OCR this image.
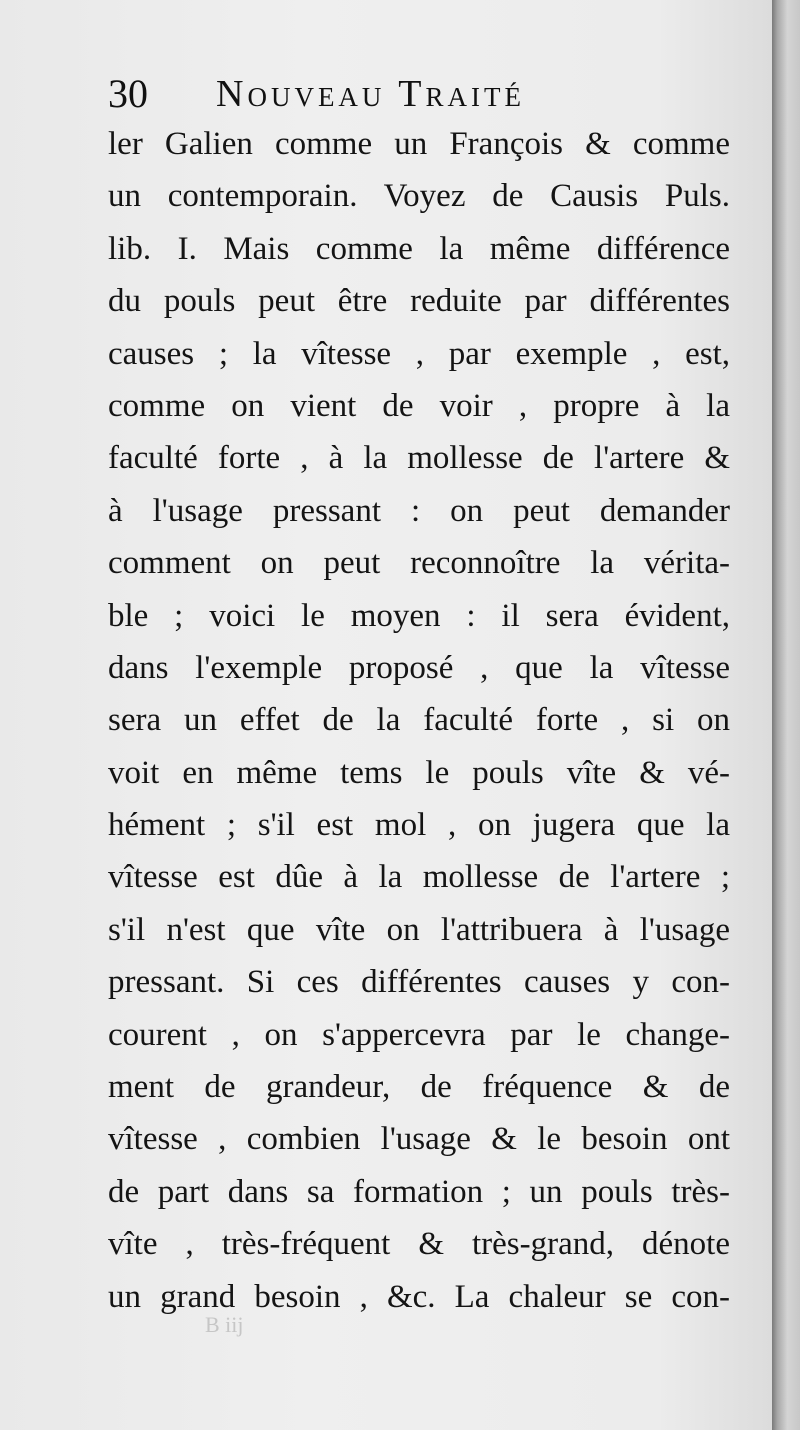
30 Nouveau Traité
ler Galien comme un François & comme
un contemporain. Voyez de Causis Puls.
lib. I. Mais comme la même différence
du pouls peut être reduite par différentes
causes ; la vîtesse , par exemple , est,
comme on vient de voir , propre à la
faculté forte , à la mollesse de l'artere &
à l'usage pressant : on peut demander
comment on peut reconnoître la vérita-
ble ; voici le moyen : il sera évident,
dans l'exemple proposé , que la vîtesse
sera un effet de la faculté forte , si on
voit en même tems le pouls vîte & vé-
hément ; s'il est mol , on jugera que la
vîtesse est dûe à la mollesse de l'artere ;
s'il n'est que vîte on l'attribuera à l'usage
pressant. Si ces différentes causes y con-
courent , on s'appercevra par le change-
ment de grandeur, de fréquence & de
vîtesse , combien l'usage & le besoin ont
de part dans sa formation ; un pouls très-
vîte , très-fréquent & très-grand, dénote
un grand besoin , &c. La chaleur se con-
B iij
